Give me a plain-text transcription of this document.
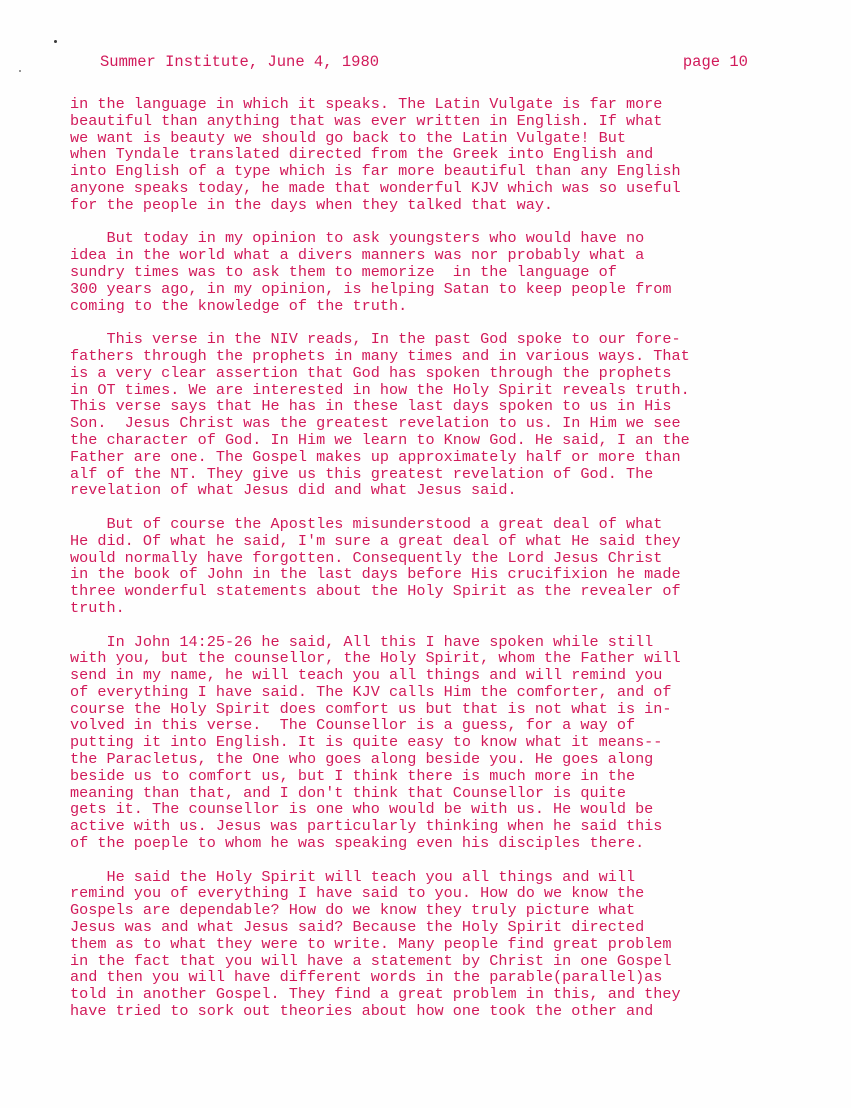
Summer Institute, June 4, 1980	page 10
in the language in which it speaks. The Latin Vulgate is far more
beautiful than anything that was ever written in English. If what
we want is beauty we should go back to the Latin Vulgate! But
when Tyndale translated directed from the Greek into English and
into English of a type which is far more beautiful than any English
anyone speaks today, he made that wonderful KJV which was so useful
for the people in the days when they talked that way.
But today in my opinion to ask youngsters who would have no
idea in the world what a divers manners was nor probably what a
sundry times was to ask them to memorize  in the language of
300 years ago, in my opinion, is helping Satan to keep people from
coming to the knowledge of the truth.
This verse in the NIV reads, In the past God spoke to our fore-
fathers through the prophets in many times and in various ways. That
is a very clear assertion that God has spoken through the prophets
in OT times. We are interested in how the Holy Spirit reveals truth.
This verse says that He has in these last days spoken to us in His
Son.  Jesus Christ was the greatest revelation to us. In Him we see
the character of God. In Him we learn to Know God. He said, I an the
Father are one. The Gospel makes up approximately half or more than
alf of the NT. They give us this greatest revelation of God. The
revelation of what Jesus did and what Jesus said.
But of course the Apostles misunderstood a great deal of what
He did. Of what he said, I'm sure a great deal of what He said they
would normally have forgotten. Consequently the Lord Jesus Christ
in the book of John in the last days before His crucifixion he made
three wonderful statements about the Holy Spirit as the revealer of
truth.
In John 14:25-26 he said, All this I have spoken while still
with you, but the counsellor, the Holy Spirit, whom the Father will
send in my name, he will teach you all things and will remind you
of everything I have said. The KJV calls Him the comforter, and of
course the Holy Spirit does comfort us but that is not what is in-
volved in this verse.  The Counsellor is a guess, for a way of
putting it into English. It is quite easy to know what it means--
the Paracletus, the One who goes along beside you. He goes along
beside us to comfort us, but I think there is much more in the
meaning than that, and I don't think that Counsellor is quite
gets it. The counsellor is one who would be with us. He would be
active with us. Jesus was particularly thinking when he said this
of the poeple to whom he was speaking even his disciples there.
He said the Holy Spirit will teach you all things and will
remind you of everything I have said to you. How do we know the
Gospels are dependable? How do we know they truly picture what
Jesus was and what Jesus said? Because the Holy Spirit directed
them as to what they were to write. Many people find great problem
in the fact that you will have a statement by Christ in one Gospel
and then you will have different words in the parable(parallel)as
told in another Gospel. They find a great problem in this, and they
have tried to sork out theories about how one took the other and
